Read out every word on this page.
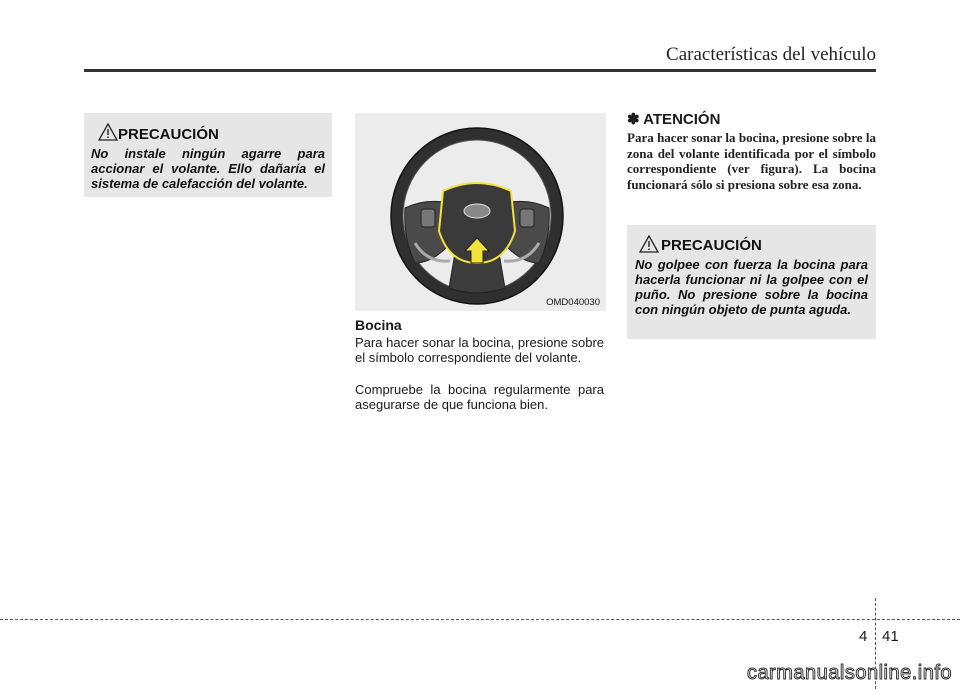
Características del vehículo
PRECAUCIÓN
No instale ningún agarre para accionar el volante. Ello dañaría el sistema de calefacción del volante.
OMD040030
Bocina
Para hacer sonar la bocina, presione sobre el símbolo correspondiente del volante.
Compruebe la bocina regularmente para asegurarse de que funciona bien.
✽ ATENCIÓN
Para hacer sonar la bocina, presione sobre la zona del volante identificada por el símbolo correspondiente (ver figura). La bocina funcionará sólo si presiona sobre esa zona.
PRECAUCIÓN
No golpee con fuerza la bocina para hacerla funcionar ni la golpee con el puño. No presione sobre la bocina con ningún objeto de punta aguda.
4 41
carmanualsonline.info
